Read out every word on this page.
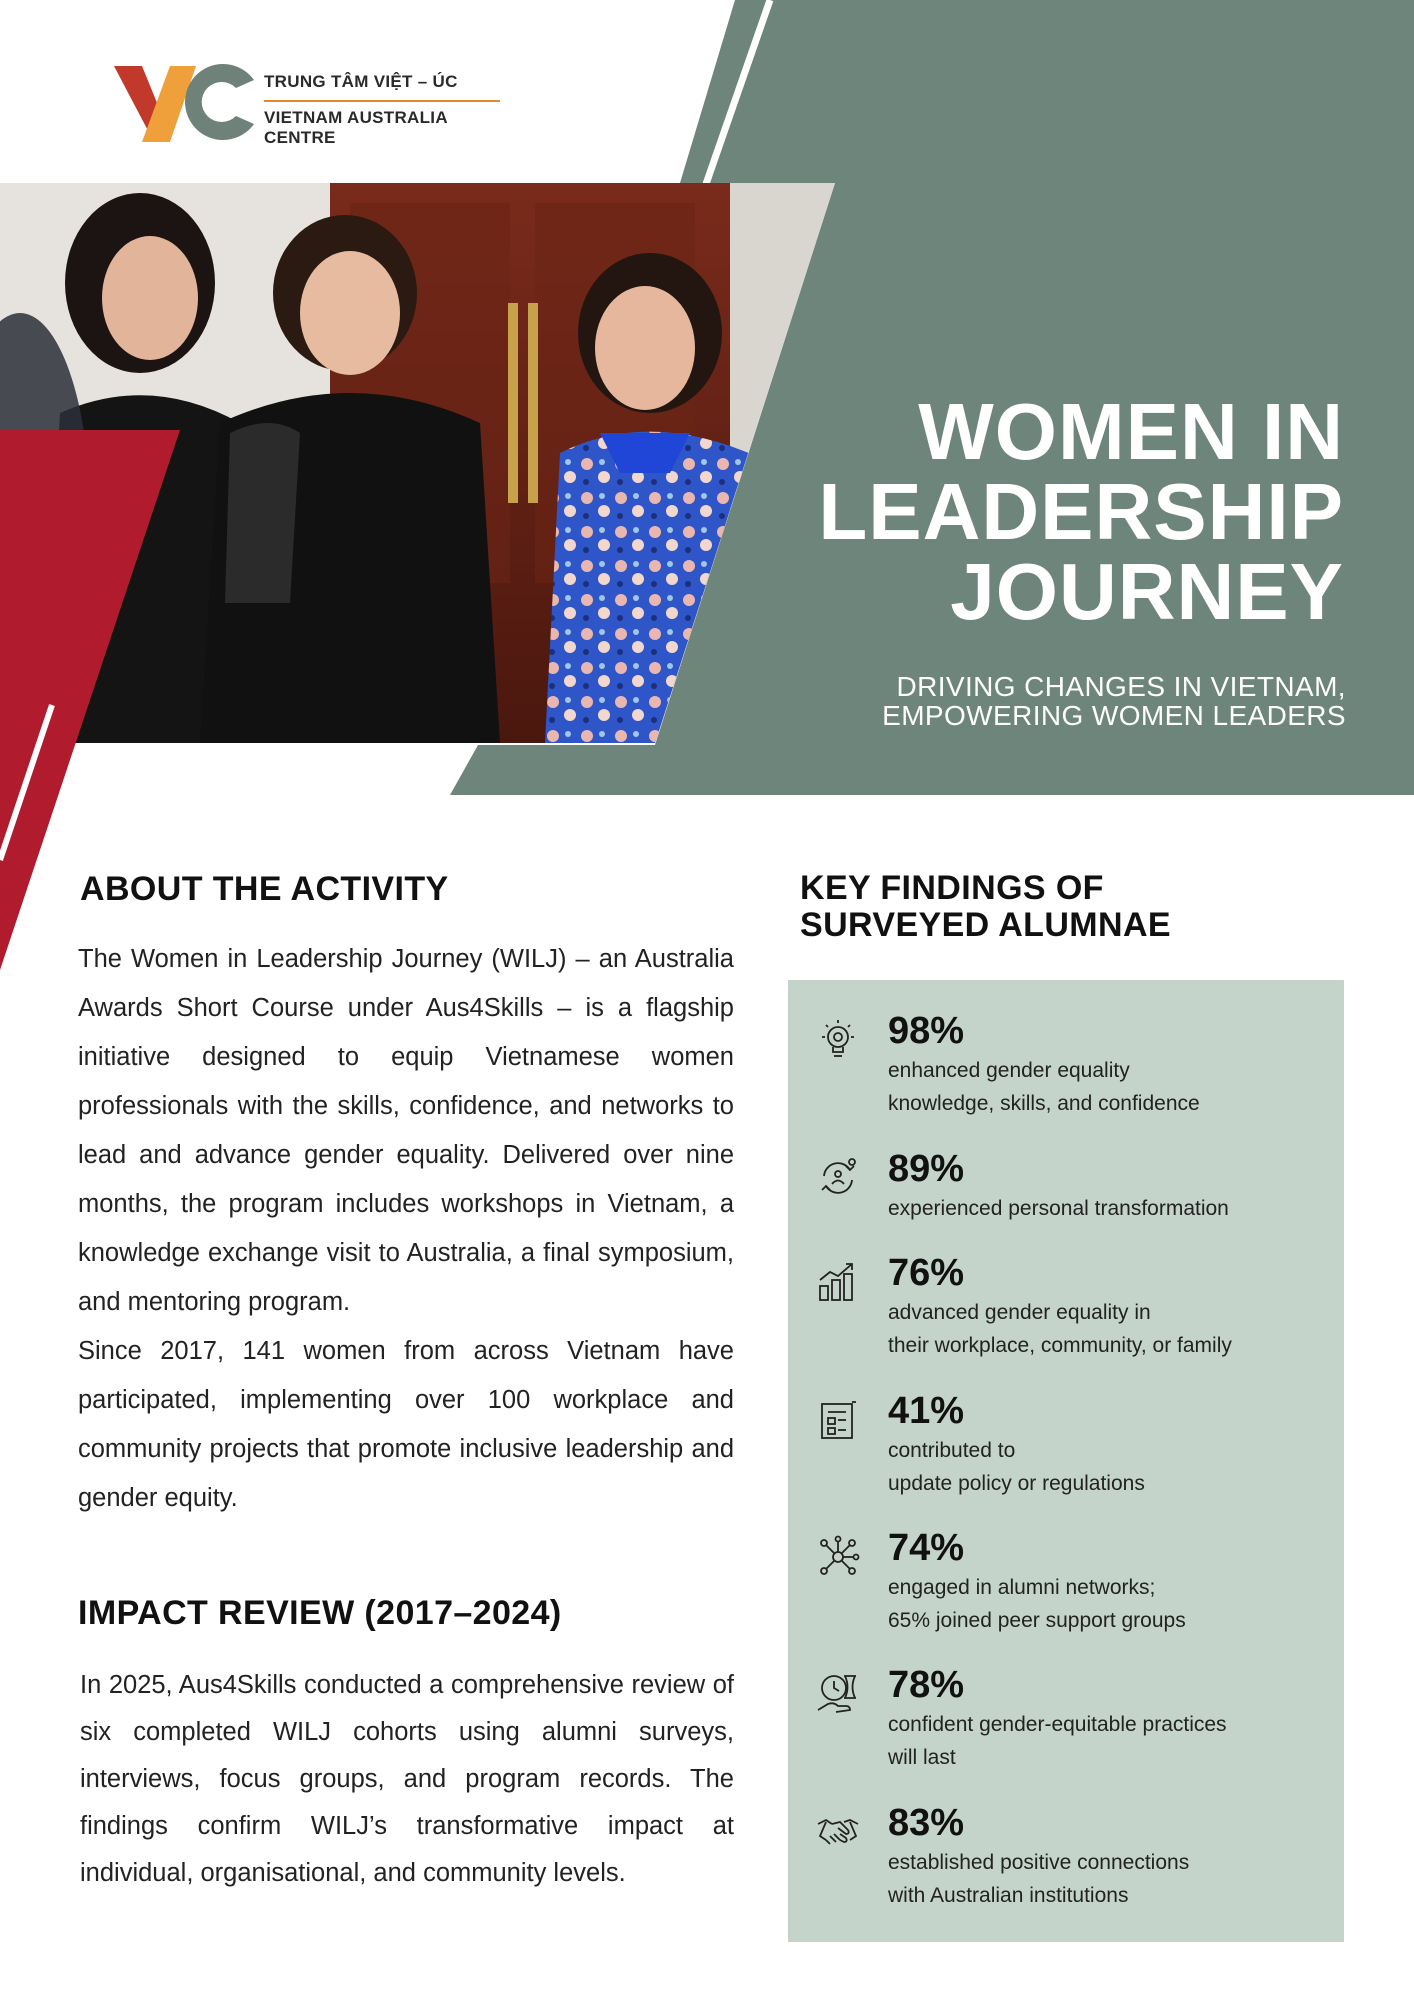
TRUNG TÂM VIỆT – ÚC
VIETNAM AUSTRALIA CENTRE
WOMEN IN
LEADERSHIP
JOURNEY
DRIVING CHANGES IN VIETNAM,
EMPOWERING WOMEN LEADERS
ABOUT THE ACTIVITY

The Women in Leadership Journey (WILJ) – an Australia Awards Short Course under Aus4Skills – is a flagship initiative designed to equip Vietnamese women professionals with the skills, confidence, and networks to lead and advance gender equality. Delivered over nine months, the program includes workshops in Vietnam, a knowledge exchange visit to Australia, a final symposium, and mentoring program.

Since 2017, 141 women from across Vietnam have participated, implementing over 100 workplace and community projects that promote inclusive leadership and gender equity.

IMPACT REVIEW (2017–2024)
In 2025, Aus4Skills conducted a comprehensive review of six completed WILJ cohorts using alumni surveys, interviews, focus groups, and program records. The findings confirm WILJ’s transformative impact at individual, organisational, and community levels.
KEY FINDINGS OF
SURVEYED ALUMNAE
98%
enhanced gender equality
knowledge, skills, and confidence
89%
experienced personal transformation
76%
advanced gender equality in
their workplace, community, or family
41%
contributed to
update policy or regulations
74%
engaged in alumni networks;
65% joined peer support groups
78%
confident gender-equitable practices
will last
83%
established positive connections
with Australian institutions
